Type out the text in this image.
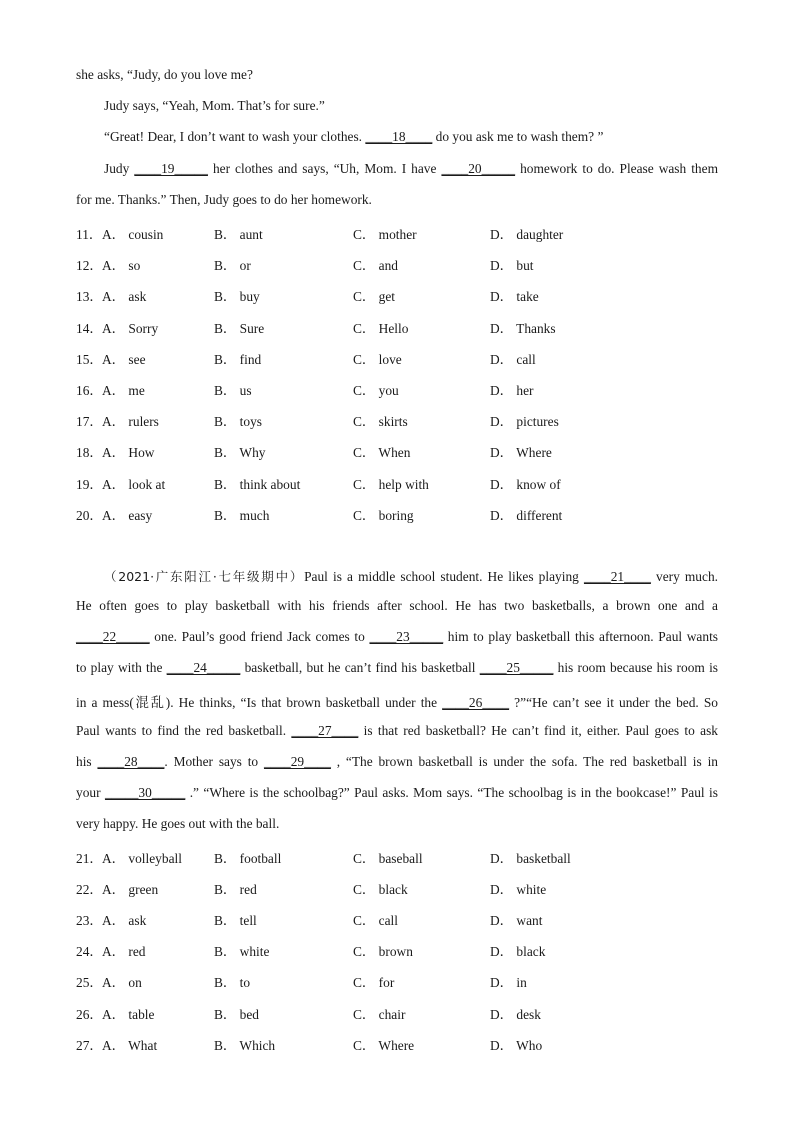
she asks, “Judy, do you love me?
Judy says, “Yeah, Mom. That’s for sure.”
“Great! Dear, I don’t want to wash your clothes. ____18____ do you ask me to wash them? ”
Judy ____19_____ her clothes and says, “Uh, Mom. I have ____20_____ homework to do. Please wash them
for me. Thanks.” Then, Judy goes to do her homework.
11． A． cousin	B． aunt	C． mother	D． daughter
12． A． so	B． or	C． and	D． but
13． A． ask	B． buy	C． get	D． take
14． A． Sorry	B． Sure	C． Hello	D． Thanks
15． A． see	B． find	C． love	D． call
16． A． me	B． us	C． you	D． her
17． A． rulers	B． toys	C． skirts	D． pictures
18． A． How	B． Why	C． When	D． Where
19． A． look at	B． think about	C． help with	D． know of
20． A． easy	B． much	C． boring	D． different
（2021·广东阳江·七年级期中）Paul is a middle school student. He likes playing ____21____ very much.
He often goes to play basketball with his friends after school. He has two basketballs, a brown one and a
____22_____ one. Paul’s good friend Jack comes to ____23_____ him to play basketball this afternoon. Paul wants
to play with the ____24_____ basketball, but he can’t find his basketball ____25_____ his room because his room is
in a mess(混乱). He thinks, “Is that brown basketball under the ____26____ ?”“He can’t see it under the bed. So
Paul wants to find the red basketball. ____27____ is that red basketball? He can’t find it, either. Paul goes to ask
his ____28____. Mother says to ____29____ , “The brown basketball is under the sofa. The red basketball is in
your _____30_____ .” “Where is the schoolbag?” Paul asks. Mom says. “The schoolbag is in the bookcase!” Paul is
very happy. He goes out with the ball.
21． A． volleyball B． football	C． baseball	D． basketball
22． A． green	B． red	C． black	D． white
23． A． ask	B． tell	C． call	D． want
24． A． red	B． white	C． brown	D． black
25． A． on	B． to	C． for	D． in
26． A． table	B． bed	C． chair	D． desk
27． A． What	B． Which	C． Where	D． Who
